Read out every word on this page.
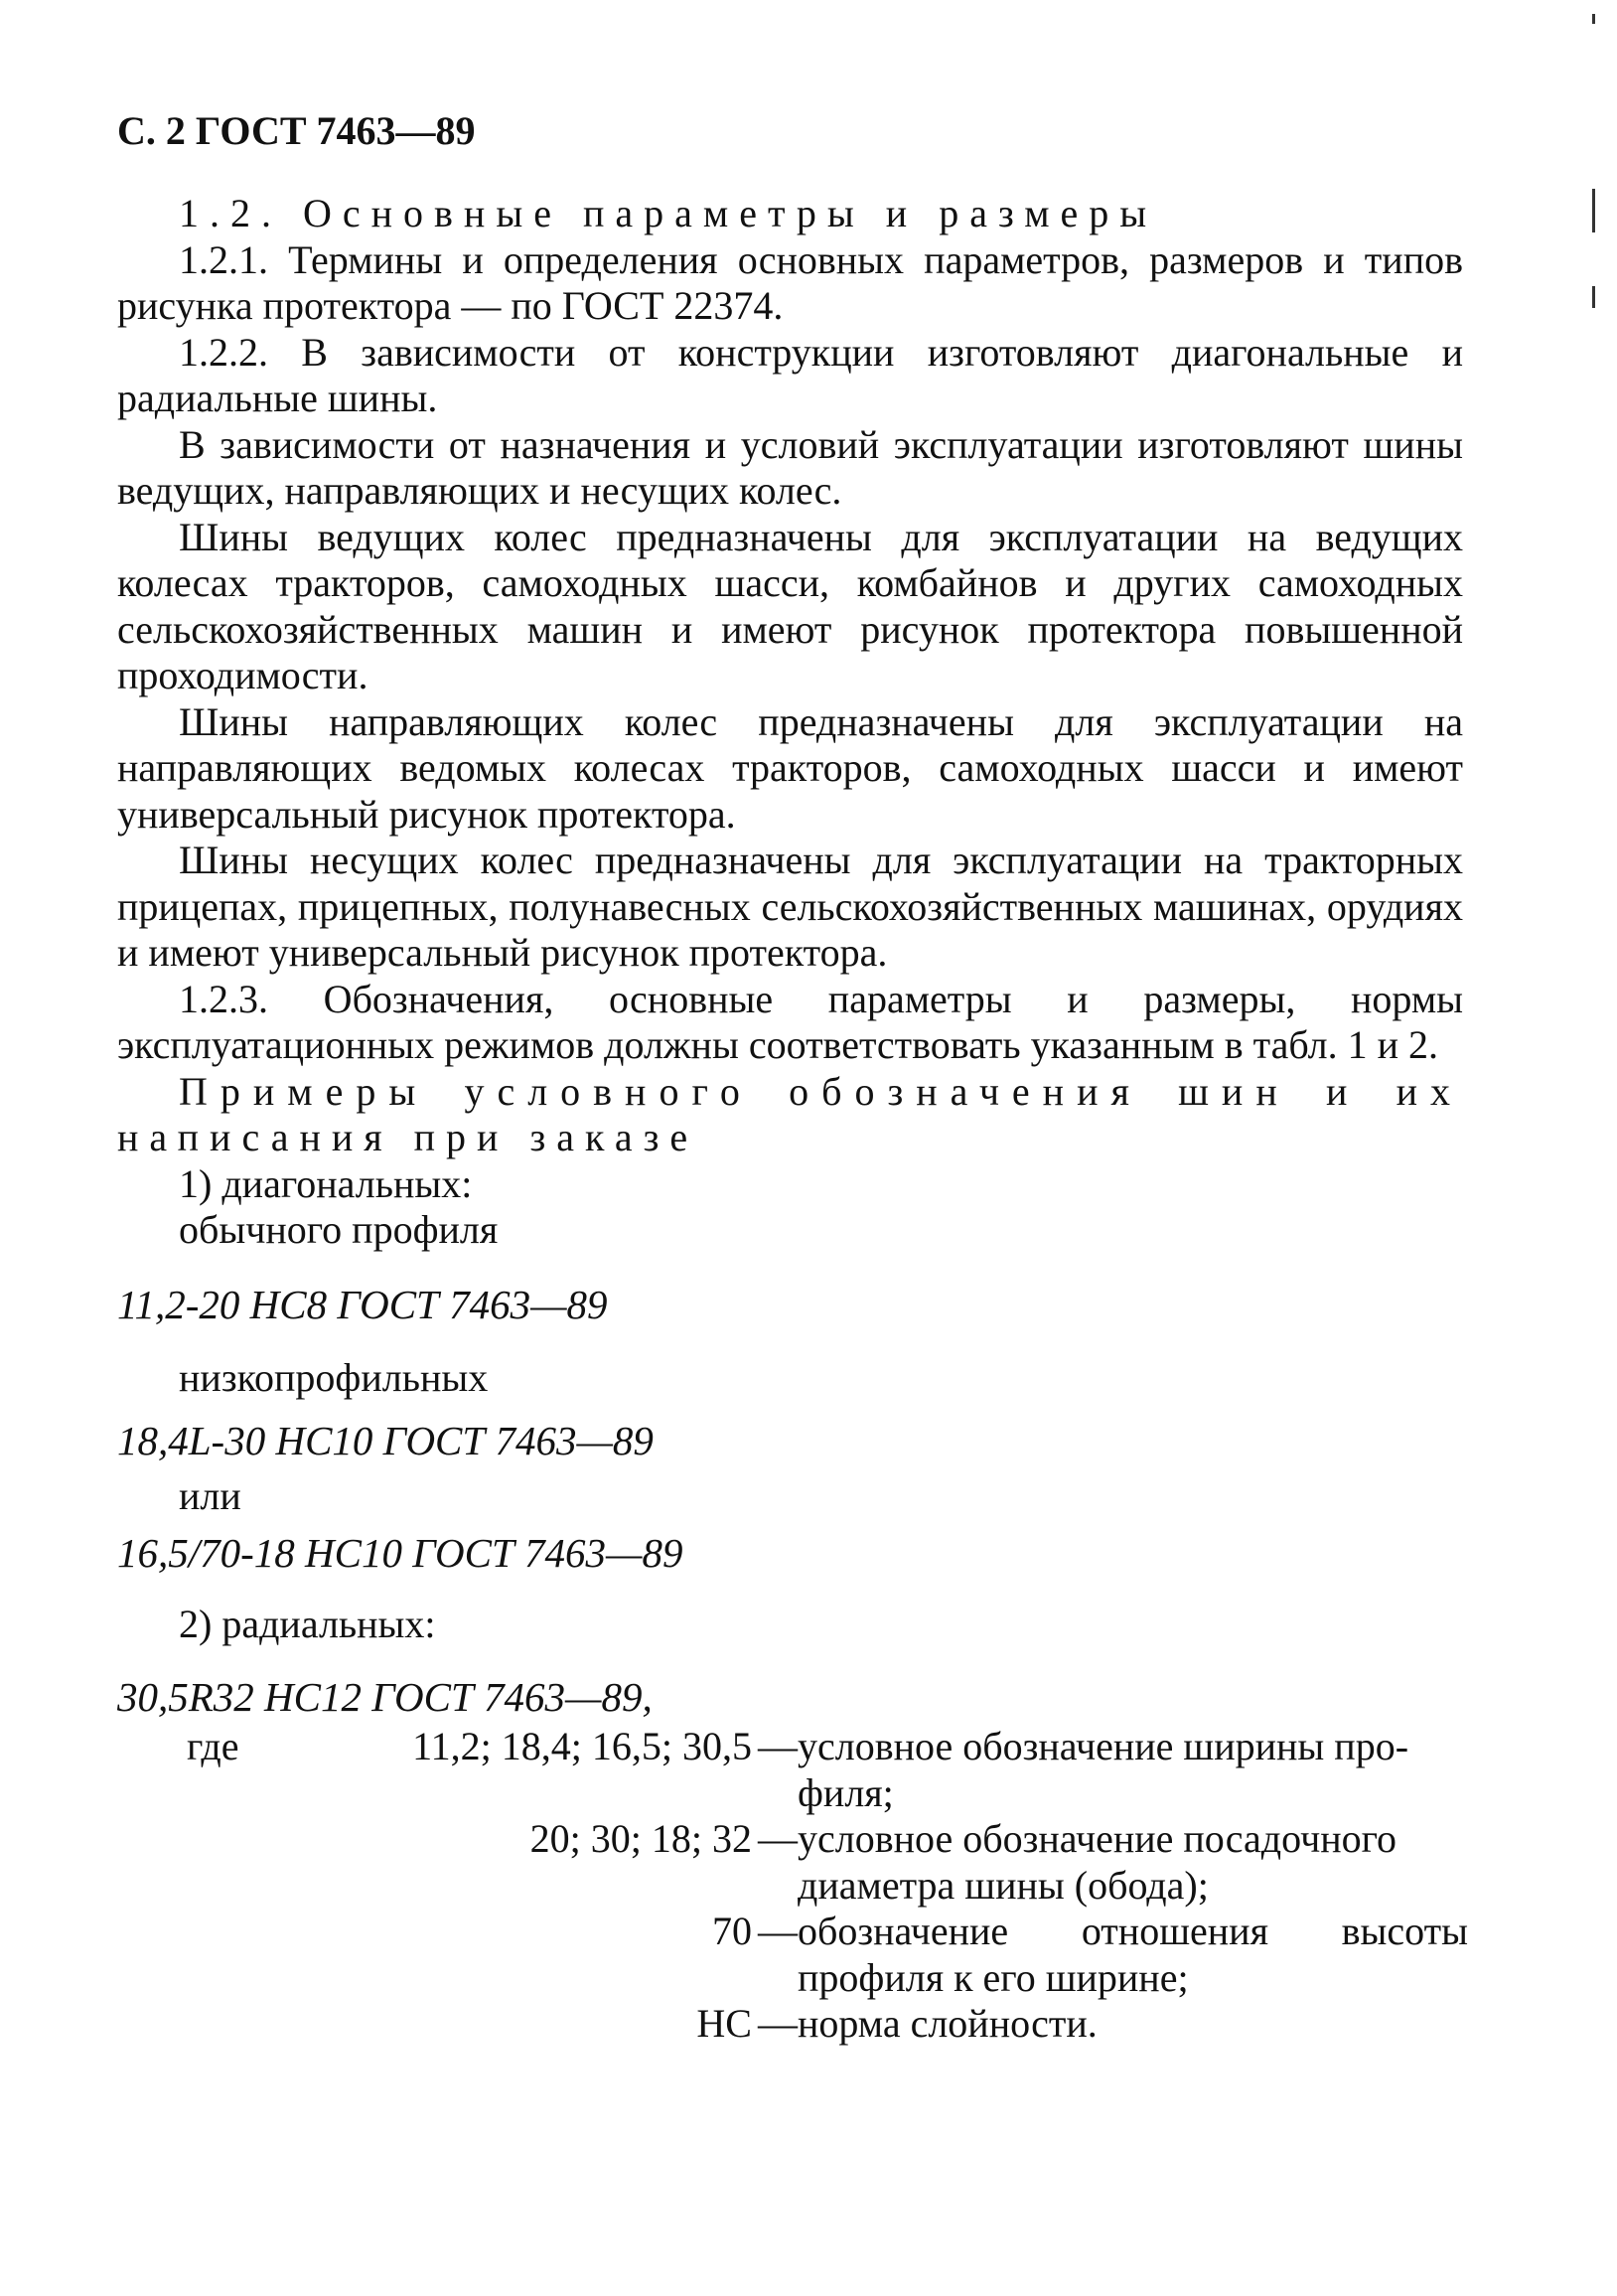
С. 2 ГОСТ 7463—89

1.2. Основные параметры и размеры

1.2.1. Термины и определения основных параметров, размеров и типов рисунка протектора — по ГОСТ 22374.

1.2.2. В зависимости от конструкции изготовляют диагональные и радиальные шины.

В зависимости от назначения и условий эксплуатации изготовляют шины ведущих, направляющих и несущих колес.

Шины ведущих колес предназначены для эксплуатации на ведущих колесах тракторов, самоходных шасси, комбайнов и других самоходных сельскохозяйственных машин и имеют рисунок протектора повышенной проходимости.

Шины направляющих колес предназначены для эксплуатации на направляющих ведомых колесах тракторов, самоходных шасси и имеют универсальный рисунок протектора.

Шины несущих колес предназначены для эксплуатации на тракторных прицепах, прицепных, полунавесных сельскохозяйственных машинах, орудиях и имеют универсальный рисунок протектора.

1.2.3. Обозначения, основные параметры и размеры, нормы эксплуатационных режимов должны соответствовать указанным в табл. 1 и 2.

Примеры условного обозначения шин и их

написания при заказе

1) диагональных:

обычного профиля

11,2-20 НС8 ГОСТ 7463—89

низкопрофильных

18,4L-30 НС10 ГОСТ 7463—89

или

16,5/70-18 НС10 ГОСТ 7463—89

2) радиальных:

30,5R32 НС12 ГОСТ 7463—89,

где	11,2; 18,4; 16,5; 30,5 — условное обозначение ширины про-
филя;
20; 30; 18; 32 — условное обозначение посадочного
диаметра шины (обода);
70 — обозначение отношения высоты
профиля к его ширине;
НС — норма слойности.
